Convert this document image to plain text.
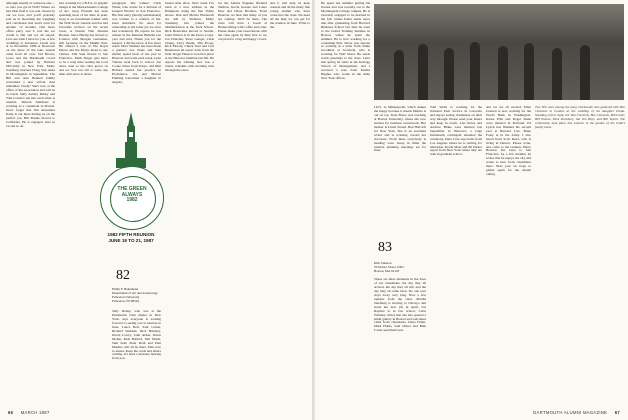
although usually of someone else ... so who you got in Wall? Where we had little field it was real chosen by our we now, and you'll probably join us in mourning the weighing and conclusion that aren't even for another 12 months. One more office party and it was the ice cream is full and we all stayed. Let's see what I have for you. A few weddings to announce. Linda was at in November 1986 at Newtown on the shore of the lake. Guests came from all over. Ted Brown, Lowe and the Dartmouth crowd and was joined by Barbara McCarthy in New York. Molly Sondberg married Doug Van Aken in Morningside in September. The Bill and Ann Bennett family welcomed a new arrival. And remember Cindy? She's now at the office of the association and will be in touch. Sally Asbury Reiley and Tom Connors ran into each other at reunion. Marvin Simmons is working as a consultant in Boston. Don't forget that Jim Alexander Kelly is out there having us on the perfect job. Bill Pennie moved to California. He is engaged. And so on and so on.

he's working for a B.F.A. in graphic design at the Massachusetts College of Art. Greg Fresnell has been spending most of his time in print. Greg is an investment banker with the Wall Street Journal and has had favorable reviews on his recent book, A Dream That Dreams Broken. Steve Herzig has moved to London with Morgan Guarantee, still focusing on the Middle East. He offered a tour of The Royal Palace and the King's Road to any visitors. Tim Saul moved to San Francisco. Mark Singer gets more to be a long time reading the local news. And so the class grows on and on. You can call or write any time with news to share.

paragraph. The winner: Chris Witter, who works for a division of General Electric in San Francisco. His first entry (mostly untranslated) was written to a relative of his. Glen Ainsfield. No need for censorship at the letter (as we once had wondered). He reports he was winner in the Reunion Bulletin last year and said, Thank you for the support. I did the news. A few more notes: Marc Neiman has been made a partner; Les Wade and Stan Ziefler spend most of the year in Hanover and write each week. Lynn Tomasi went back to school. Jon Cooke writes from Tokyo, and Kim Hollard started her practice in Providence. Joe and Marcie Fleming welcomed a daughter in August.

fastest man alive. Next week I've been at a new address in the Hamptons doing the Sun Valley shows. Dan and Marcia Blackwell are still in Vermont. Molly Sondberg has joined the administration at the Tuck School. Rick Benavides moved to Seattle. Janet Wilson is in the Peace Corps. Jon Dratcher, Steve Ganger, Chris Chang, Larry Baum, Tim Pooge, Rich Moody, Chuck Saul and Carl Henderson all report back from the field. Roger Henson won first place at the Hanover triathlon last fall. He reports his training now has a winter schedule with morning runs through the snow.

for the Ashton Pageant, Richard Shafran, Kevin Greene and Laura Dew and Olson Brothers. From Hanover we hear that many of you are coming. We'll be there. The class will have a booth at Homecoming with coffee and cider. Please make your reservations with the class agent by May first so we can plan for a big and happy crowd.

and it will help us keep reunion and all the many fine young alumni who have come into the class. We need all the help we can get for the reunion in June. Write to me.

THE GREEN
ALWAYS
1982
1982 FIFTH REUNION
JUNE 19 TO 21, 1987
82
Emily F. Bakemeier
Department of Art and Archeology
Princeton University
Princeton, NJ 08544

Sally Reiley, who was at the Dartmouth Club dinner in New York, says everyone is looking forward to seeing you at reunion in June. Lance Bell, Sam Cohen, Richard Wendell, Dick Brinsley, David Lowry, John Alden, Dawn Moller, Rich Balford, Tim Walsh, Sam Seld, Peter Roth and Paul Mueller will all be there. Plan now to attend. Keep the cards and letters coming. It's been a pleasure hearing from you.

66 MARCH 1987

He spent last summer getting his license and was recently out to the Morningside College campus. He is currently engaged to be married in the fall. James Klein sends news that after graduating from Harvard Business School last June he went to the Grand Training Institute in Boston, where he spent the summer. He is now working for a consulting firm. Never was anyone so exciting as a letter from Jamie Goodman at Goodwin, who is working for Wall Street. He sends warm greetings to the class. Later this spring he starts at the Kellogg School of Management, and I received a note from Kristin Hughes who works in the main New York offices.

I.D.S. in Minneapolis, which makes me happy because it means Martha is out on top. Kate Bruce was teaching at Boston University, where she now teaches for business coursework. Her mother is Linda Stroud. Ben Hall left for New York. She is an excellent writer and is working toward her doctorate. From there everybody is heading west. Keep in mind the reunion planning meetings set for June.

83
Kim Johnson
70 Dexter Street, #302
Boston, MA 02118

These are three moments in the lives of our classmates: the day they all arrived, the day they all left, and the day they all came back. No one ever stays away very long. Now a few updates from the class. Martha Sandberg is moving to Chicago and starts her new job in April. Jon Raymer is in law school. Carla Whitney writes that she has opened a small gallery in Boston and welcomes visits from classmates. Dana Fuller, Mark Hollis, Sam Oliver and Beth Carter send their best.

Tom Wells is working for the National Park Service in Colorado and enjoys seeing classmates on their way through. Please send your letters and keep in touch. Lisa Rowe and Andrew Blake were married last September in Hanover; a large Dartmouth contingent attended the ceremony. Peter Cole says hello from Los Angeles where he is writing for television. Kevin Moss and Jill Parker report from New York where they are both in graduate school.

and we are all excited. Ellen Jackson is now working for the World Bank in Washington. Karen Ellis and Roger Dunn were married in Portland. Ed Lynch has finished his second year at Harvard Law. Brian Foley is in the Army. I also heard from Scott Reed, who is living in Denver. Please write, and come to the reunion. Harry Braxton has been to San Francisco for a few months; he writes that he enjoys the city and wants to hear from classmates there. Next year we hope to gather again for the annual outing.

Two '83s were among the many Dartmouth men gathered with Ben Clements in London at the wedding of his daughter Paula. Standing, left to right, are Tom Clements, Ben Clements, Bill Lester, Bill Easton, Dick Stockbury, Sal Jim Hoyt, and Bill Taylor. The celebration took place last summer in the garden of the bride's family home.
DARTMOUTH ALUMNI MAGAZINE 67
